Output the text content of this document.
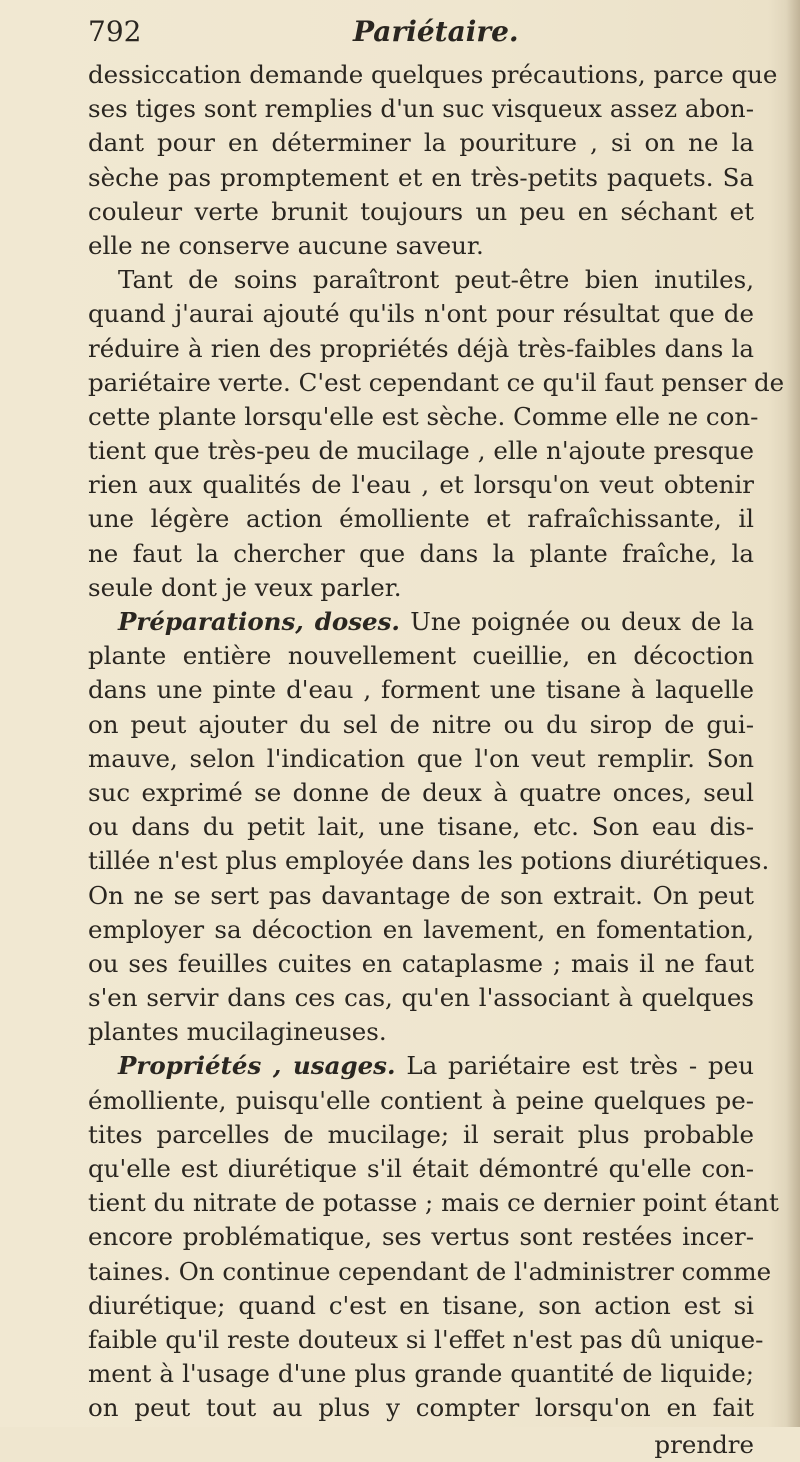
792	Pariétaire.
dessiccation demande quelques précautions, parce que
ses tiges sont remplies d'un suc visqueux assez abon-
dant pour en déterminer la pouriture , si on ne la
sèche pas promptement et en très-petits paquets. Sa
couleur verte brunit toujours un peu en séchant et
elle ne conserve aucune saveur.
Tant de soins paraîtront peut-être bien inutiles,
quand j'aurai ajouté qu'ils n'ont pour résultat que de
réduire à rien des propriétés déjà très-faibles dans la
pariétaire verte. C'est cependant ce qu'il faut penser de
cette plante lorsqu'elle est sèche. Comme elle ne con-
tient que très-peu de mucilage , elle n'ajoute presque
rien aux qualités de l'eau , et lorsqu'on veut obtenir
une légère action émolliente et rafraîchissante, il
ne faut la chercher que dans la plante fraîche, la
seule dont je veux parler.
Préparations, doses. Une poignée ou deux de la
plante entière nouvellement cueillie, en décoction
dans une pinte d'eau , forment une tisane à laquelle
on peut ajouter du sel de nitre ou du sirop de gui-
mauve, selon l'indication que l'on veut remplir. Son
suc exprimé se donne de deux à quatre onces, seul
ou dans du petit lait, une tisane, etc. Son eau dis-
tillée n'est plus employée dans les potions diurétiques.
On ne se sert pas davantage de son extrait. On peut
employer sa décoction en lavement, en fomentation,
ou ses feuilles cuites en cataplasme ; mais il ne faut
s'en servir dans ces cas, qu'en l'associant à quelques
plantes mucilagineuses.
Propriétés , usages. La pariétaire est très - peu
émolliente, puisqu'elle contient à peine quelques pe-
tites parcelles de mucilage; il serait plus probable
qu'elle est diurétique s'il était démontré qu'elle con-
tient du nitrate de potasse ; mais ce dernier point étant
encore problématique, ses vertus sont restées incer-
taines. On continue cependant de l'administrer comme
diurétique; quand c'est en tisane, son action est si
faible qu'il reste douteux si l'effet n'est pas dû unique-
ment à l'usage d'une plus grande quantité de liquide;
on peut tout au plus y compter lorsqu'on en fait
prendre
